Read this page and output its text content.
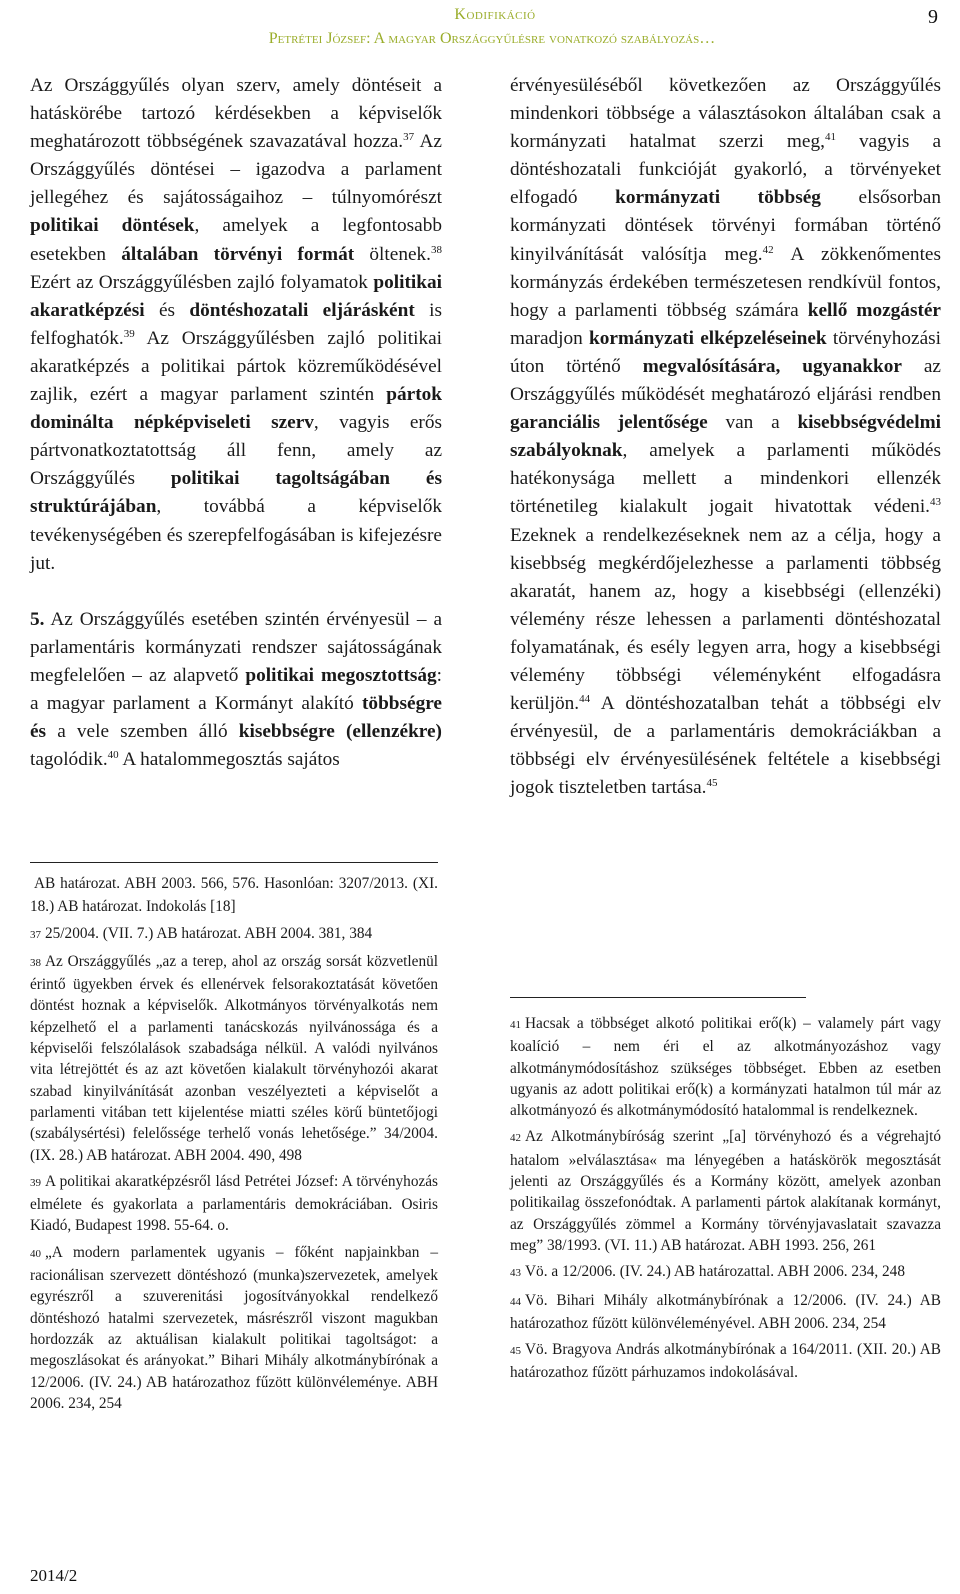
Kodifikáció
Petrétei József: A magyar Országgyűlésre vonatkozó szabályozás…
9

Az Országgyűlés olyan szerv, amely döntéseit a hatáskörébe tartozó kérdésekben a képviselők meghatározott többségének szavazatával hozza.$^{37}$ Az Országgyűlés döntései – igazodva a parlament jellegéhez és sajátosságaihoz – túlnyomórészt politikai döntések, amelyek a legfontosabb esetekben általában törvényi formát öltenek.$^{38}$ Ezért az Országgyűlésben zajló folyamatok politikai akaratképzési és döntéshozatali eljárásként is felfoghatók.$^{39}$ Az Országgyűlésben zajló politikai akaratképzés a politikai pártok közreműködésével zajlik, ezért a magyar parlament szintén pártok dominálta népképviseleti szerv, vagyis erős pártvonatkoztatottság áll fenn, amely az Országgyűlés politikai tagoltságában és struktúrájában, továbbá a képviselők tevékenységében és szerepfelfogásában is kifejezésre jut.

5. Az Országgyűlés esetében szintén érvényesül – a parlamentáris kormányzati rendszer sajátosságának megfelelően – az alapvető politikai megosztottság: a magyar parlament a Kormányt alakító többségre és a vele szemben álló kisebbségre (ellenzékre) tagolódik.$^{40}$ A hatalommegosztás sajátos

érvényesüléséből következően az Országgyűlés mindenkori többsége a választásokon általában csak a kormányzati hatalmat szerzi meg,$^{41}$ vagyis a döntéshozatali funkcióját gyakorló, a törvényeket elfogadó kormányzati többség elsősorban kormányzati döntések törvényi formában történő kinyilvánítását valósítja meg.$^{42}$ A zökkenőmentes kormányzás érdekében természetesen rendkívül fontos, hogy a parlamenti többség számára kellő mozgástér maradjon kormányzati elképzeléseinek törvényhozási úton történő megvalósítására, ugyanakkor az Országgyűlés működését meghatározó eljárási rendben garanciális jelentősége van a kisebbségvédelmi szabályoknak, amelyek a parlamenti működés hatékonysága mellett a mindenkori ellenzék történetileg kialakult jogait hivatottak védeni.$^{43}$ Ezeknek a rendelkezéseknek nem az a célja, hogy a kisebbség megkérdőjelezhesse a parlamenti többség akaratát, hanem az, hogy a kisebbségi (ellenzéki) vélemény része lehessen a parlamenti döntéshozatal folyamatának, és esély legyen arra, hogy a kisebbségi vélemény többségi véleményként elfogadásra kerüljön.$^{44}$ A döntéshozatalban tehát a többségi elv érvényesül, de a parlamentáris demokráciákban a többségi elv érvényesülésének feltétele a kisebbségi jogok tiszteletben tartása.$^{45}$

AB határozat. ABH 2003. 566, 576. Hasonlóan: 3207/2013. (XI. 18.) AB határozat. Indokolás [18]
37 25/2004. (VII. 7.) AB határozat. ABH 2004. 381, 384
38 Az Országgyűlés „az a terep, ahol az ország sorsát közvetlenül érintő ügyekben érvek és ellenérvek felsorakoztatását követően döntést hoznak a képviselők. Alkotmányos törvényalkotás nem képzelhető el a parlamenti tanácskozás nyilvánossága és a képviselői felszólalások szabadsága nélkül. A valódi nyilvános vita létrejöttét és az azt követően kialakult törvényhozói akarat szabad kinyilvánítását azonban veszélyezteti a képviselőt a parlamenti vitában tett kijelentése miatti széles körű büntetőjogi (szabálysértési) felelőssége terhelő vonás lehetősége.” 34/2004. (IX. 28.) AB határozat. ABH 2004. 490, 498
39 A politikai akaratképzésről lásd Petrétei József: A törvényhozás elmélete és gyakorlata a parlamentáris demokráciában. Osiris Kiadó, Budapest 1998. 55-64. o.
40 „A modern parlamentek ugyanis – főként napjainkban – racionálisan szervezett döntéshozó (munka)szervezetek, amelyek egyrészről a szuverenitási jogosítványokkal rendelkező döntéshozó hatalmi szervezetek, másrészről viszont magukban hordozzák az aktuálisan kialakult politikai tagoltságot: a megoszlásokat és arányokat.” Bihari Mihály alkotmánybírónak a 12/2006. (IV. 24.) AB határozathoz fűzött különvéleménye. ABH 2006. 234, 254
41 Hacsak a többséget alkotó politikai erő(k) – valamely párt vagy koalíció – nem éri el az alkotmányozáshoz vagy alkotmánymódosításhoz szükséges többséget. Ebben az esetben ugyanis az adott politikai erő(k) a kormányzati hatalmon túl már az alkotmányozó és alkotmánymódosító hatalommal is rendelkeznek.
42 Az Alkotmánybíróság szerint „[a] törvényhozó és a végrehajtó hatalom »elválasztása« ma lényegében a hatáskörök megosztását jelenti az Országgyűlés és a Kormány között, amelyek azonban politikailag összefonódtak. A parlamenti pártok alakítanak kormányt, az Országgyűlés zömmel a Kormány törvényjavaslatait szavazza meg” 38/1993. (VI. 11.) AB határozat. ABH 1993. 256, 261
43 Vö. a 12/2006. (IV. 24.) AB határozattal. ABH 2006. 234, 248
44 Vö. Bihari Mihály alkotmánybírónak a 12/2006. (IV. 24.) AB határozathoz fűzött különvéleményével. ABH 2006. 234, 254
45 Vö. Bragyova András alkotmánybírónak a 164/2011. (XII. 20.) AB határozathoz fűzött párhuzamos indokolásával.
2014/2
